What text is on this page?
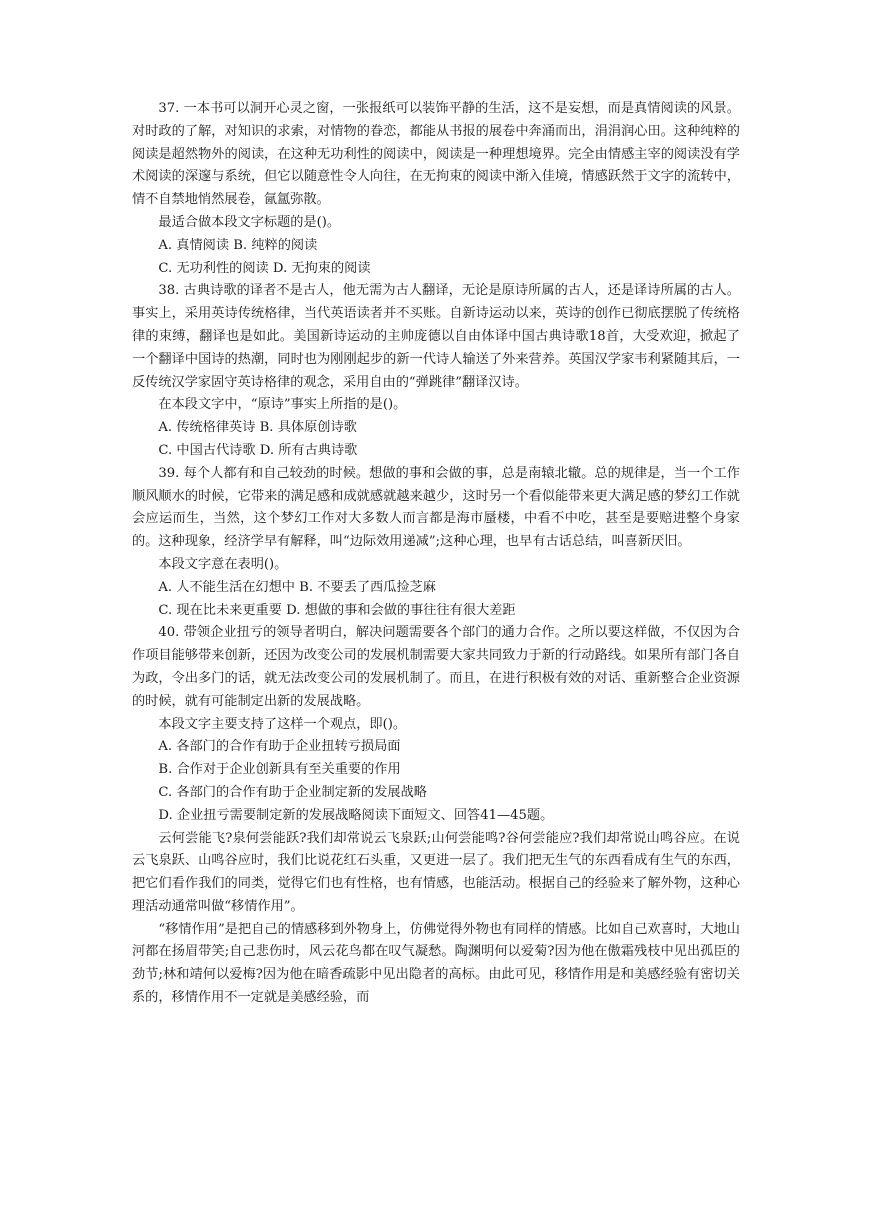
37. 一本书可以洞开心灵之窗，一张报纸可以装饰平静的生活，这不是妄想，而是真情阅读的风景。对时政的了解，对知识的求索，对情物的眷恋，都能从书报的展卷中奔涌而出，涓涓润心田。这种纯粹的阅读是超然物外的阅读，在这种无功利性的阅读中，阅读是一种理想境界。完全由情感主宰的阅读没有学术阅读的深邃与系统，但它以随意性令人向往，在无拘束的阅读中渐入佳境，情感跃然于文字的流转中，情不自禁地悄然展卷，氤氲弥散。

最适合做本段文字标题的是()。

A. 真情阅读 B. 纯粹的阅读

C. 无功利性的阅读 D. 无拘束的阅读

38. 古典诗歌的译者不是古人，他无需为古人翻译，无论是原诗所属的古人，还是译诗所属的古人。事实上，采用英诗传统格律，当代英语读者并不买账。自新诗运动以来，英诗的创作已彻底摆脱了传统格律的束缚，翻译也是如此。美国新诗运动的主帅庞德以自由体译中国古典诗歌18首，大受欢迎，掀起了一个翻译中国诗的热潮，同时也为刚刚起步的新一代诗人输送了外来营养。英国汉学家韦利紧随其后，一反传统汉学家固守英诗格律的观念，采用自由的“弹跳律”翻译汉诗。

在本段文字中，“原诗”事实上所指的是()。

A. 传统格律英诗 B. 具体原创诗歌

C. 中国古代诗歌 D. 所有古典诗歌

39. 每个人都有和自己较劲的时候。想做的事和会做的事，总是南辕北辙。总的规律是，当一个工作顺风顺水的时候，它带来的满足感和成就感就越来越少，这时另一个看似能带来更大满足感的梦幻工作就会应运而生，当然，这个梦幻工作对大多数人而言都是海市蜃楼，中看不中吃，甚至是要赔进整个身家的。这种现象，经济学早有解释，叫“边际效用递减”;这种心理，也早有古话总结，叫喜新厌旧。

本段文字意在表明()。

A. 人不能生活在幻想中 B. 不要丢了西瓜捡芝麻

C. 现在比未来更重要 D. 想做的事和会做的事往往有很大差距

40. 带领企业扭亏的领导者明白，解决问题需要各个部门的通力合作。之所以要这样做，不仅因为合作项目能够带来创新，还因为改变公司的发展机制需要大家共同致力于新的行动路线。如果所有部门各自为政，令出多门的话，就无法改变公司的发展机制了。而且，在进行积极有效的对话、重新整合企业资源的时候，就有可能制定出新的发展战略。

本段文字主要支持了这样一个观点，即()。

A. 各部门的合作有助于企业扭转亏损局面

B. 合作对于企业创新具有至关重要的作用

C. 各部门的合作有助于企业制定新的发展战略

D. 企业扭亏需要制定新的发展战略阅读下面短文、回答41—45题。

云何尝能飞?泉何尝能跃?我们却常说云飞泉跃;山何尝能鸣?谷何尝能应?我们却常说山鸣谷应。在说云飞泉跃、山鸣谷应时，我们比说花红石头重，又更进一层了。我们把无生气的东西看成有生气的东西，把它们看作我们的同类，觉得它们也有性格，也有情感，也能活动。根据自己的经验来了解外物，这种心理活动通常叫做“移情作用”。

“移情作用”是把自己的情感移到外物身上，仿佛觉得外物也有同样的情感。比如自己欢喜时，大地山河都在扬眉带笑;自己悲伤时，风云花鸟都在叹气凝愁。陶渊明何以爱菊?因为他在傲霜残枝中见出孤臣的劲节;林和靖何以爱梅?因为他在暗香疏影中见出隐者的高标。由此可见，移情作用是和美感经验有密切关系的，移情作用不一定就是美感经验，而
